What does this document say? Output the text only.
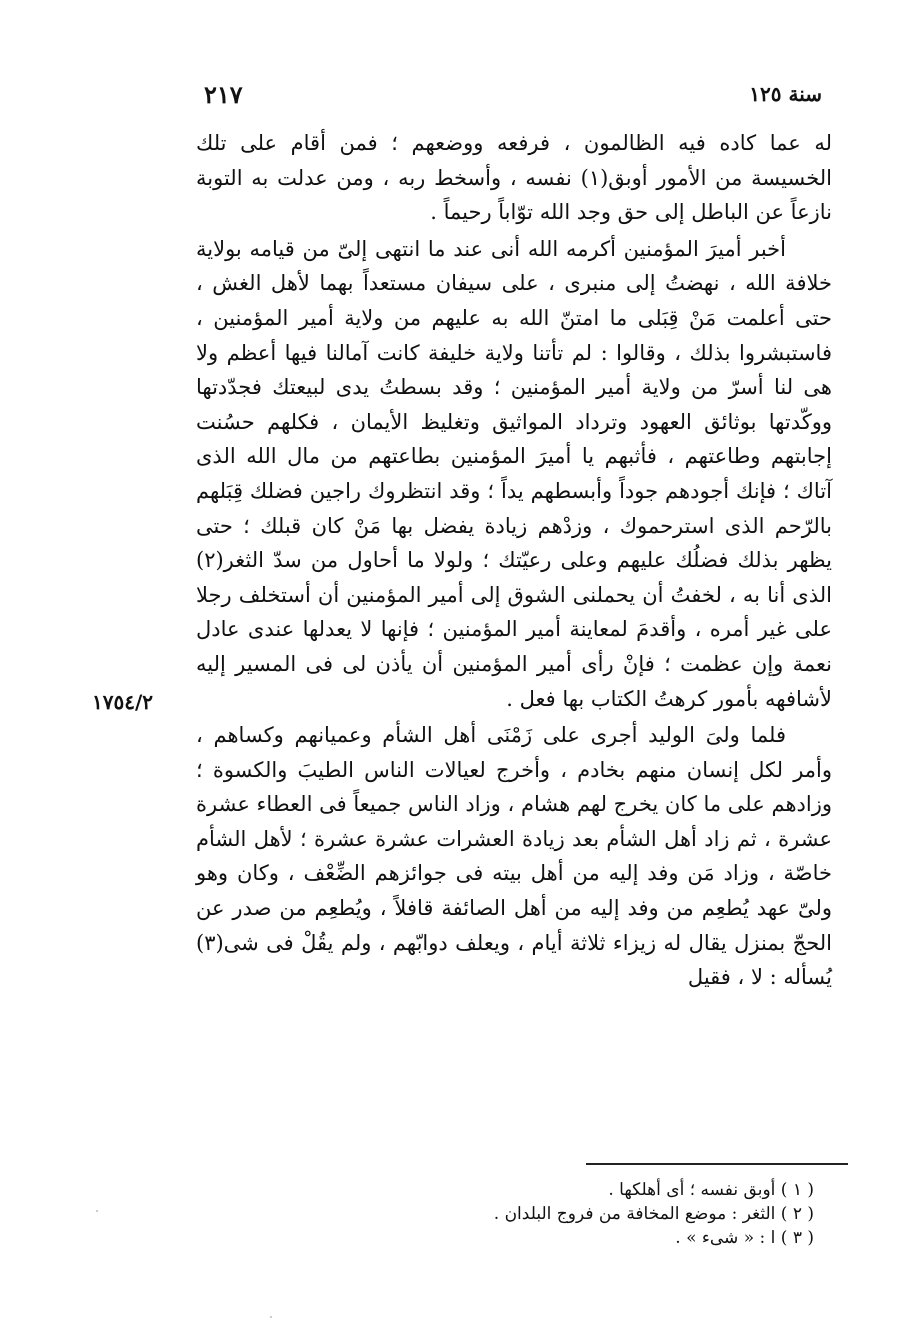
٢١٧	سنة ١٢٥

له عما كاده فيه الظالمون ، فرفعه ووضعهم ؛ فمن أقام على تلك الخسيسة من الأمور أوبق(١) نفسه ، وأسخط ربه ، ومن عدلت به التوبة نازعاً عن الباطل إلى حق وجد الله توّاباً رحيماً .

أخبر أميرَ المؤمنين أكرمه الله أنى عند ما انتهى إلىّ من قيامه بولاية خلافة الله ، نهضتُ إلى منبرى ، على سيفان مستعداً بهما لأهل الغش ، حتى أعلمت مَنْ قِبَلى ما امتنّ الله به عليهم من ولاية أمير المؤمنين ، فاستبشروا بذلك ، وقالوا : لم تأتنا ولاية خليفة كانت آمالنا فيها أعظم ولا هى لنا أسرّ من ولاية أمير المؤمنين ؛ وقد بسطتُ يدى لبيعتك فجدّدتها ووكّدتها بوثائق العهود وترداد المواثيق وتغليظ الأيمان ، فكلهم حسُنت إجابتهم وطاعتهم ، فأثبهم يا أميرَ المؤمنين بطاعتهم من مال الله الذى آتاك ؛ فإنك أجودهم جوداً وأبسطهم يداً ؛ وقد انتظروك راجين فضلك قِبَلهم بالرّحم الذى استرحموك ، وزدْهم زيادة يفضل بها مَنْ كان قبلك ؛ حتى يظهر بذلك فضلُك عليهم وعلى رعيّتك ؛ ولولا ما أحاول من سدّ الثغر(٢) الذى أنا به ، لخفتُ أن يحملنى الشوق إلى أمير المؤمنين أن أستخلف رجلا على غير أمره ، وأقدمَ لمعاينة أمير المؤمنين ؛ فإنها لا يعدلها عندى عادل نعمة وإن عظمت ؛ فإنْ رأى أمير المؤمنين أن يأذن لى فى المسير إليه لأشافهه بأمور كرهتُ الكتاب بها فعل .

فلما ولىَ الوليد أجرى على زَمْنَى أهل الشأم وعميانهم وكساهم ، وأمر لكل إنسان منهم بخادم ، وأخرج لعيالات الناس الطيبَ والكسوة ؛ وزادهم على ما كان يخرج لهم هشام ، وزاد الناس جميعاً فى العطاء عشرة عشرة ، ثم زاد أهل الشأم بعد زيادة العشرات عشرة عشرة ؛ لأهل الشأم خاصّة ، وزاد مَن وفد إليه من أهل بيته فى جوائزهم الضِّعْف ، وكان وهو ولىّ عهد يُطعِم من وفد إليه من أهل الصائفة قافلاً ، ويُطعِم من صدر عن الحجّ بمنزل يقال له زيزاء ثلاثة أيام ، ويعلف دوابّهم ، ولم يقُلْ فى شى(٣) يُسأله : لا ، فقيل

١٧٥٤/٢
( ١ ) أوبق نفسه ؛ أى أهلكها .
( ٢ ) الثغر : موضع المخافة من فروج البلدان .
( ٣ ) ا : « شىء » .
